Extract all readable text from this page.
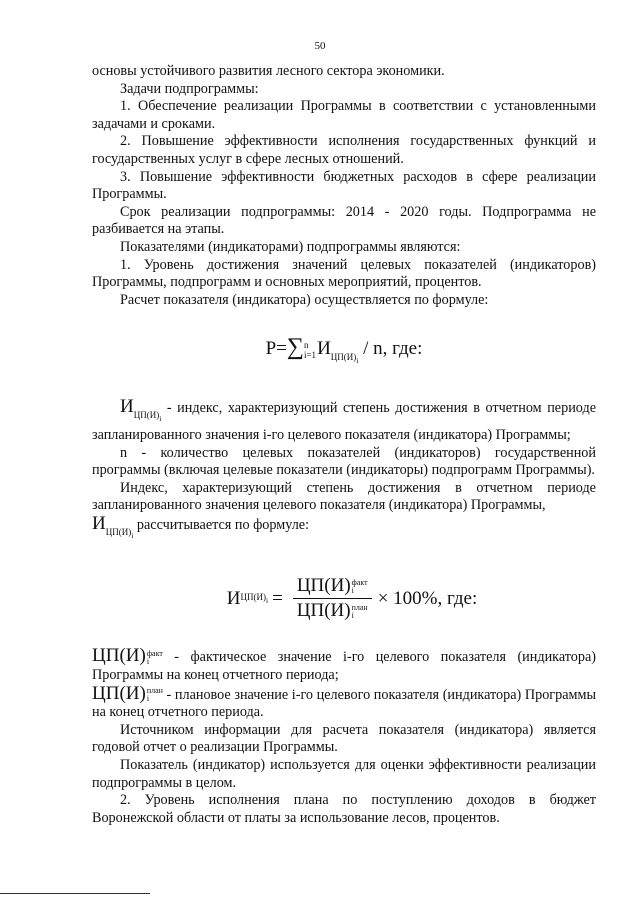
50

основы устойчивого развития лесного сектора экономики.

Задачи подпрограммы:

1. Обеспечение реализации Программы в соответствии с установленными задачами и сроками.

2. Повышение эффективности исполнения государственных функций и государственных услуг в сфере лесных отношений.

3. Повышение эффективности бюджетных расходов в сфере реализации Программы.

Срок реализации подпрограммы: 2014 - 2020 годы. Подпрограмма не разбивается на этапы.

Показателями (индикаторами) подпрограммы являются:

1. Уровень достижения значений целевых показателей (индикаторов) Программы, подпрограмм и основных мероприятий, процентов.

Расчет показателя (индикатора) осуществляется по формуле:

P=∑n
$i=1И_{ЦП(И)_i} / n$, где:

$И_{ЦП(И)_i}$ - индекс, характеризующий степень достижения в отчетном периоде запланированного значения i-го целевого показателя (индикатора) Программы;

n - количество целевых показателей (индикаторов) государственной программы (включая целевые показатели (индикаторы) подпрограмм Программы).

Индекс, характеризующий степень достижения в отчетном периоде запланированного значения целевого показателя (индикатора) Программы,

$И_{ЦП(И)_i}$ рассчитывается по формуле:

И $ЦП(И)_i$ =
ЦП(И)факт
i
ЦП(И)план
i
× 100%, где:

ЦП(И)факт
i - фактическое значение i-го целевого показателя (индикатора) Программы на конец отчетного периода;

ЦП(И)план
i - плановое значение i-го целевого показателя (индикатора) Программы на конец отчетного периода.

Источником информации для расчета показателя (индикатора) является годовой отчет о реализации Программы.

Показатель (индикатор) используется для оценки эффективности реализации подпрограммы в целом.

2. Уровень исполнения плана по поступлению доходов в бюджет Воронежской области от платы за использование лесов, процентов.
